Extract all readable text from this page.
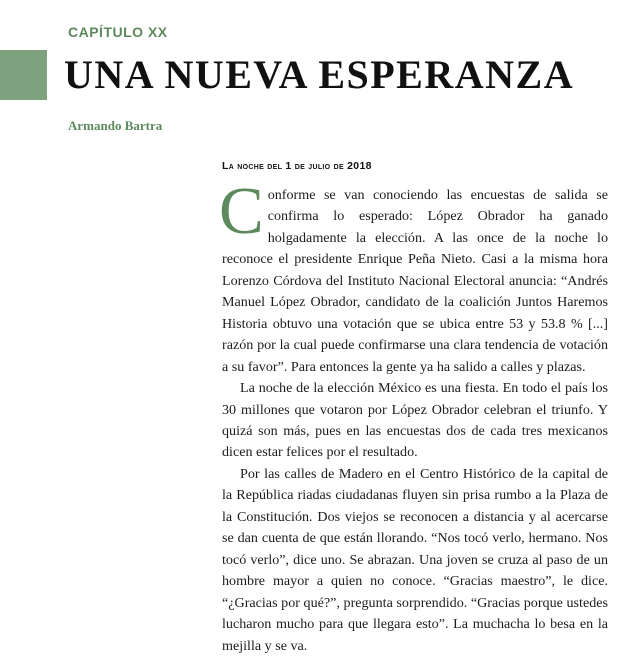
CAPÍTULO XX
UNA NUEVA ESPERANZA
Armando Bartra
La noche del 1 de julio de 2018

Conforme se van conociendo las encuestas de salida se confirma lo esperado: López Obrador ha ganado holgadamente la elección. A las once de la noche lo reconoce el presidente Enrique Peña Nieto. Casi a la misma hora Lorenzo Córdova del Instituto Nacional Electoral anuncia: “Andrés Manuel López Obrador, candidato de la coalición Juntos Haremos Historia obtuvo una votación que se ubica entre 53 y 53.8 % [...] razón por la cual puede confirmarse una clara tendencia de votación a su favor”. Para entonces la gente ya ha salido a calles y plazas.

La noche de la elección México es una fiesta. En todo el país los 30 millones que votaron por López Obrador celebran el triunfo. Y quizá son más, pues en las encuestas dos de cada tres mexicanos dicen estar felices por el resultado.

Por las calles de Madero en el Centro Histórico de la capital de la República riadas ciudadanas fluyen sin prisa rumbo a la Plaza de la Constitución. Dos viejos se reconocen a distancia y al acercarse se dan cuenta de que están llorando. “Nos tocó verlo, hermano. Nos tocó verlo”, dice uno. Se abrazan. Una joven se cruza al paso de un hombre mayor a quien no conoce. “Gracias maestro”, le dice. “¿Gracias por qué?”, pregunta sorprendido. “Gracias porque ustedes lucharon mucho para que llegara esto”. La muchacha lo besa en la mejilla y se va.
